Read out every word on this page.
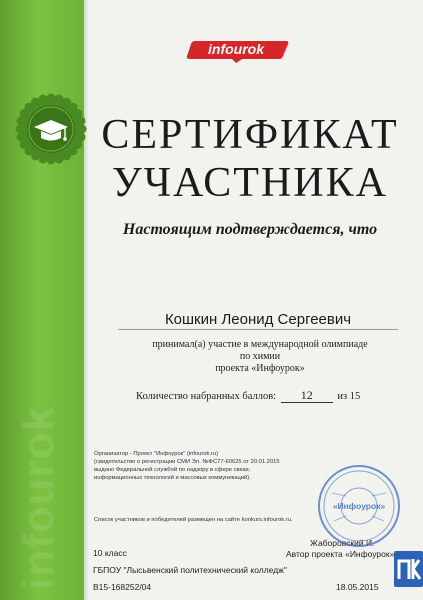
infourok
infourok
СЕРТИФИКАТ
УЧАСТНИКА
Настоящим подтверждается, что
Кошкин Леонид Сергеевич
принимал(а) участие в международной олимпиаде
по химии
проекта «Инфоурок»
Количество набранных баллов: 12 из 15
Организатор - Проект "Инфоурок" (infourok.ru)
(свидетельство о регистрации СМИ Эл. №ФС77-60625 от 20.01.2015
выдано Федеральной службой по надзору в сфере связи,
информационных технологий и массовых коммуникаций).
Список участников и победителей размещен на сайте konkurs.infourok.ru.
10 класс
ГБПОУ "Лысьвенский политехнический колледж"
В15-168252/04
Жаборовский И.
Автор проекта «Инфоурок»
18.05.2015
«Инфоурок»
